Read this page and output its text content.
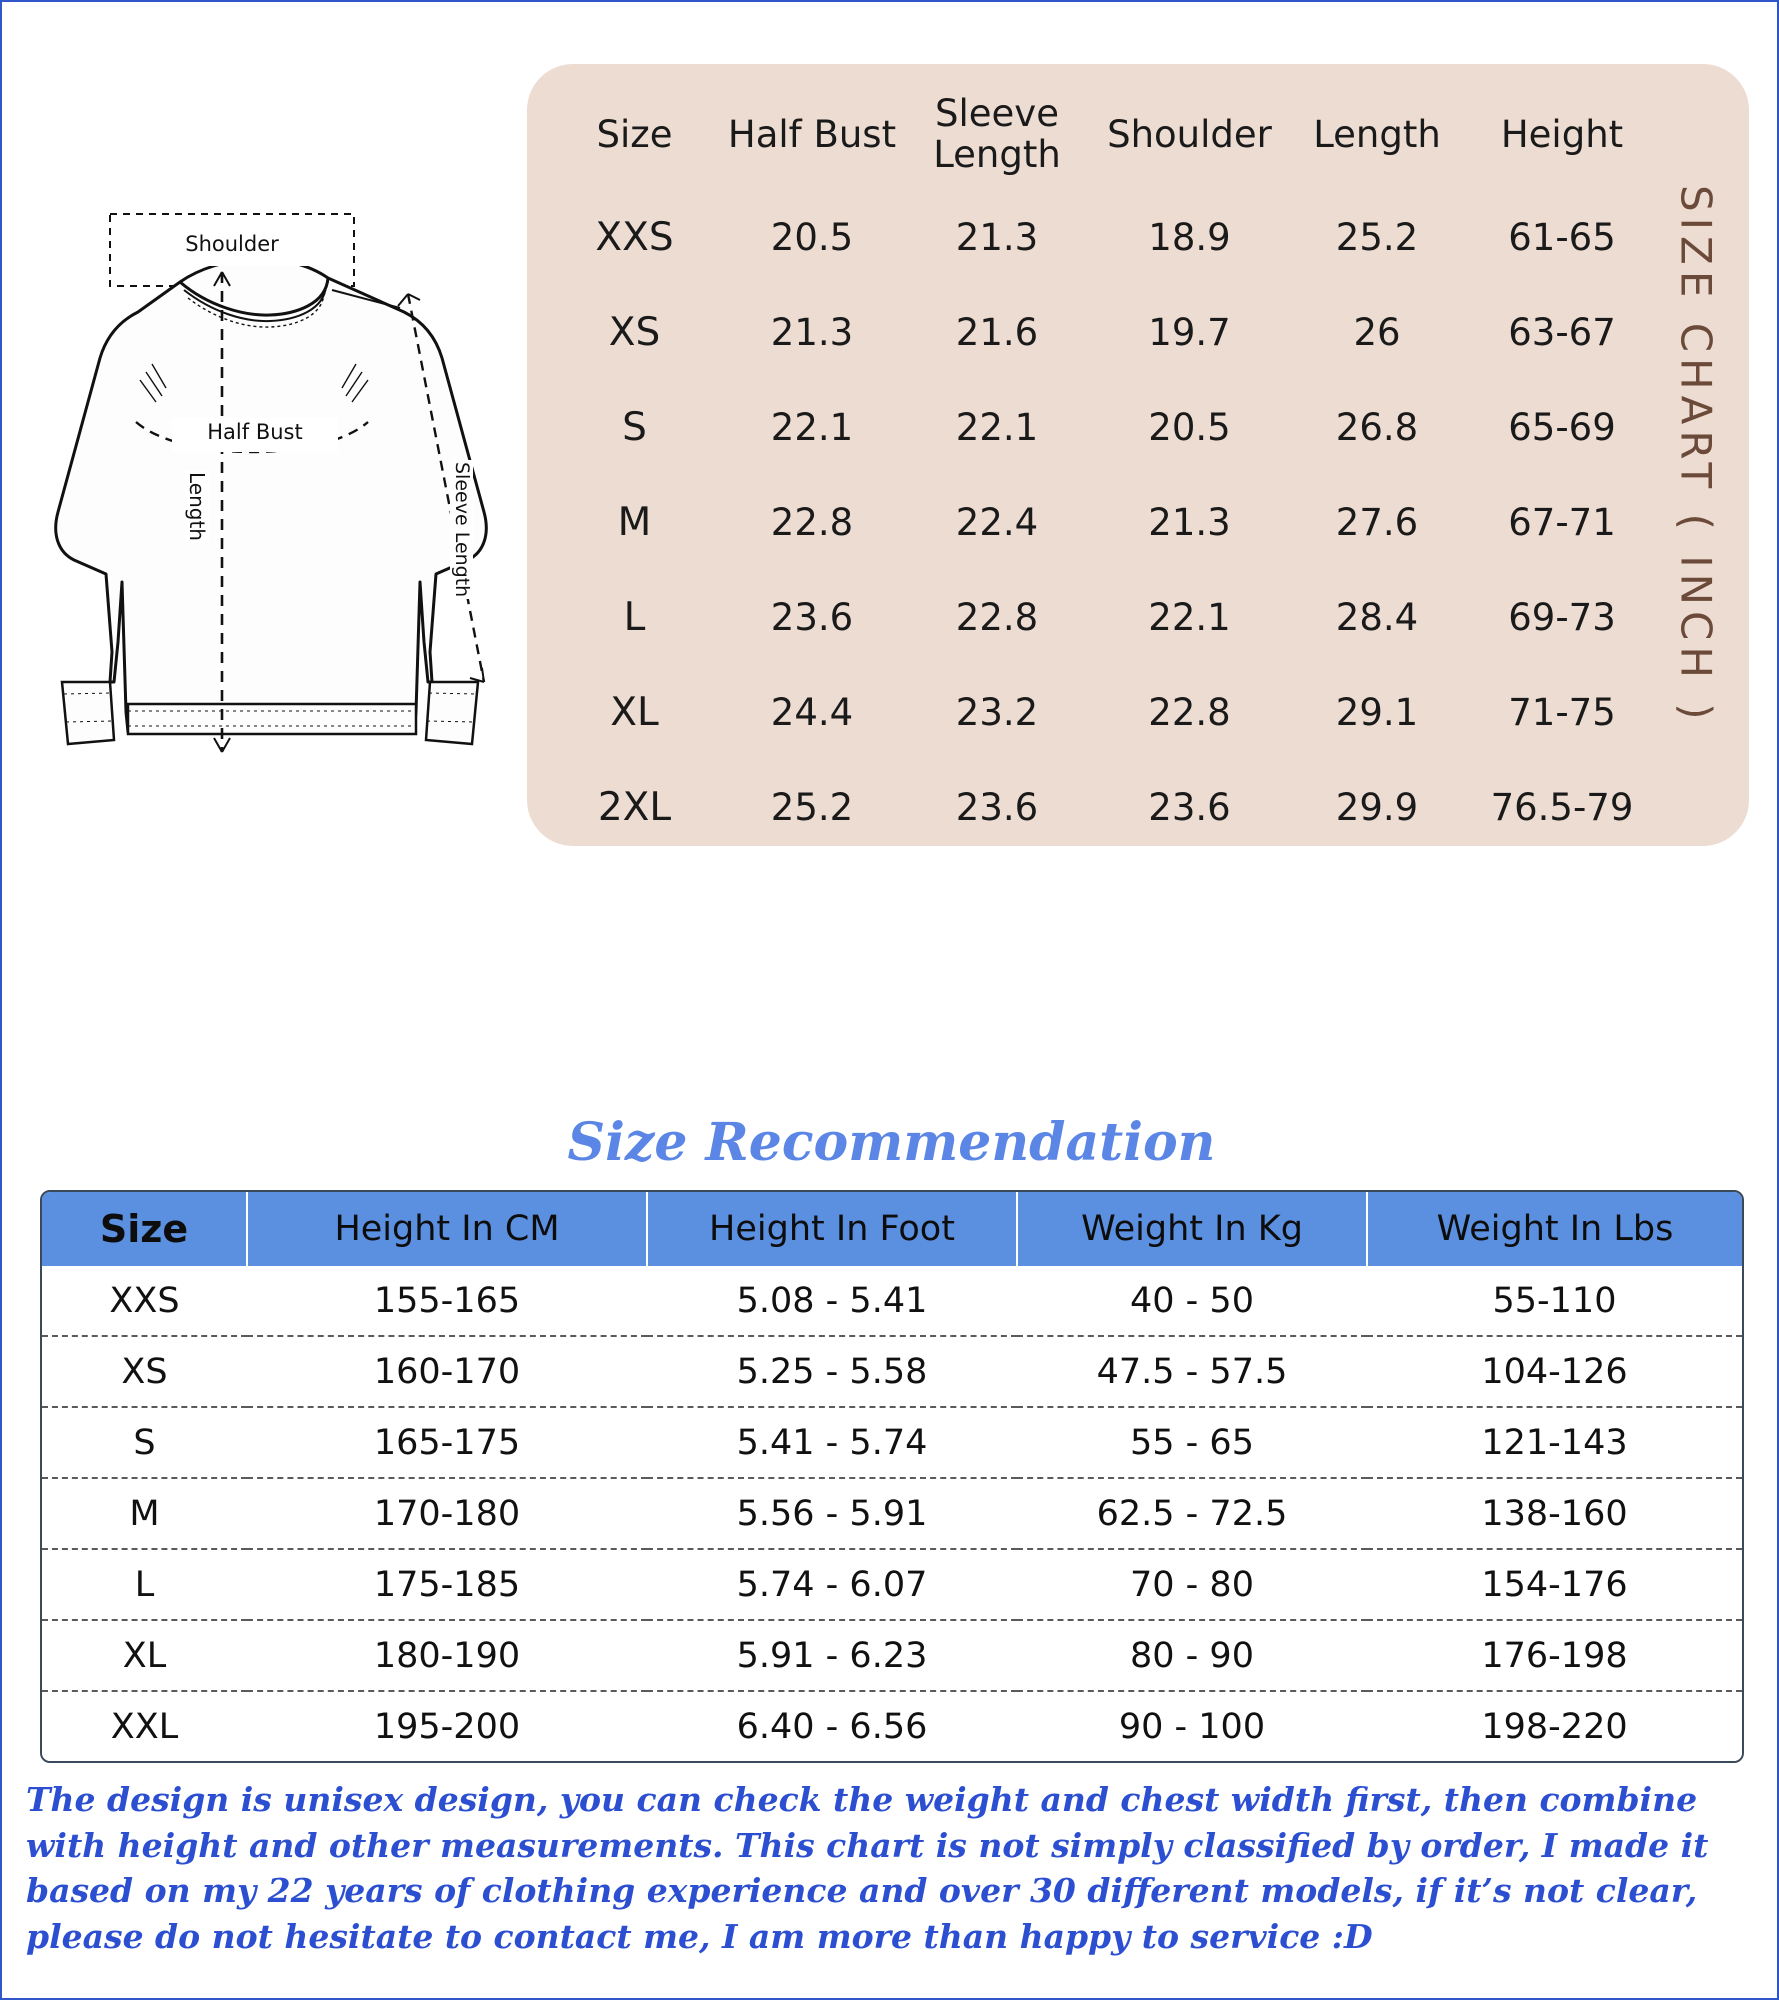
Shoulder
Half Bust
Length	Sleeve Length
Size	Half Bust	Sleeve Length	Shoulder	Length	Height
XXS	20.5	21.3	18.9	25.2	61-65
XS	21.3	21.6	19.7	26	63-67
S	22.1	22.1	20.5	26.8	65-69
M	22.8	22.4	21.3	27.6	67-71
L	23.6	22.8	22.1	28.4	69-73
XL	24.4	23.2	22.8	29.1	71-75
2XL	25.2	23.6	23.6	29.9	76.5-79
SIZE CHART ( INCH )
Size Recommendation
Size	Height In CM	Height In Foot	Weight In Kg	Weight In Lbs
XXS	155-165	5.08 - 5.41	40 - 50	55-110
XS	160-170	5.25 - 5.58	47.5 - 57.5	104-126
S	165-175	5.41 - 5.74	55 - 65	121-143
M	170-180	5.56 - 5.91	62.5 - 72.5	138-160
L	175-185	5.74 - 6.07	70 - 80	154-176
XL	180-190	5.91 - 6.23	80 - 90	176-198
XXL	195-200	6.40 - 6.56	90 - 100	198-220
The design is unisex design, you can check the weight and chest width first, then combine with height and other measurements. This chart is not simply classified by order, I made it based on my 22 years of clothing experience and over 30 different models, if it’s not clear, please do not hesitate to contact me, I am more than happy to service :D
